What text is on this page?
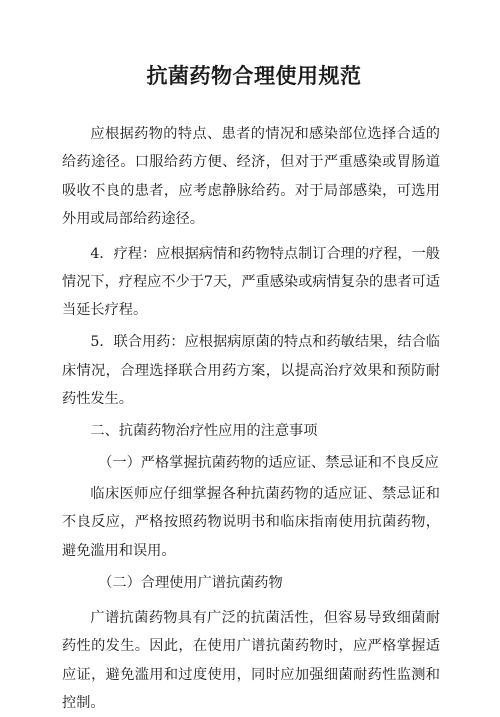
抗菌药物合理使用规范
应根据药物的特点、患者的情况和感染部位选择合适的给药途径。口服给药方便、经济，但对于严重感染或胃肠道吸收不良的患者，应考虑静脉给药。对于局部感染，可选用外用或局部给药途径。
4．疗程：应根据病情和药物特点制订合理的疗程，一般情况下，疗程应不少于7天，严重感染或病情复杂的患者可适当延长疗程。
5．联合用药：应根据病原菌的特点和药敏结果，结合临床情况，合理选择联合用药方案，以提高治疗效果和预防耐药性发生。
二、抗菌药物治疗性应用的注意事项
（一）严格掌握抗菌药物的适应证、禁忌证和不良反应
临床医师应仔细掌握各种抗菌药物的适应证、禁忌证和不良反应，严格按照药物说明书和临床指南使用抗菌药物，避免滥用和误用。
（二）合理使用广谱抗菌药物
广谱抗菌药物具有广泛的抗菌活性，但容易导致细菌耐药性的发生。因此，在使用广谱抗菌药物时，应严格掌握适应证，避免滥用和过度使用，同时应加强细菌耐药性监测和控制。
